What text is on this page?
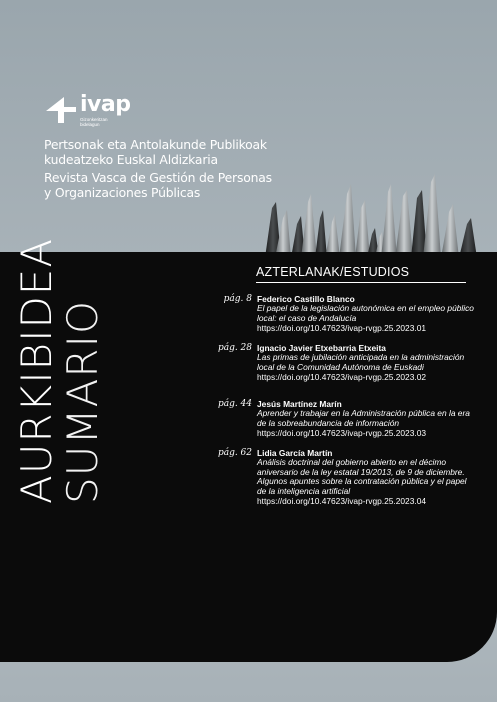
ivap
Gizonkeritzan bidelagun
Pertsonak eta Antolakunde Publikoak
kudeatzeko Euskal Aldizkaria
Revista Vasca de Gestión de Personas
y Organizaciones Públicas
AURKIBIDEA
SUMARIO
AZTERLANAK/ESTUDIOS
pág. 8 Federico Castillo Blanco
El papel de la legislación autonómica en el empleo público local: el caso de Andalucía
https://doi.org/10.47623/ivap-rvgp.25.2023.01
pág. 28 Ignacio Javier Etxebarria Etxeita
Las primas de jubilación anticipada en la administración local de la Comunidad Autónoma de Euskadi
https://doi.org/10.47623/ivap-rvgp.25.2023.02
pág. 44 Jesús Martínez Marín
Aprender y trabajar en la Administración pública en la era de la sobreabundancia de información
https://doi.org/10.47623/ivap-rvgp.25.2023.03
pág. 62 Lidia García Martín
Análisis doctrinal del gobierno abierto en el décimo aniversario de la ley estatal 19/2013, de 9 de diciembre. Algunos apuntes sobre la contratación pública y el papel de la inteligencia artificial
https://doi.org/10.47623/ivap-rvgp.25.2023.04
